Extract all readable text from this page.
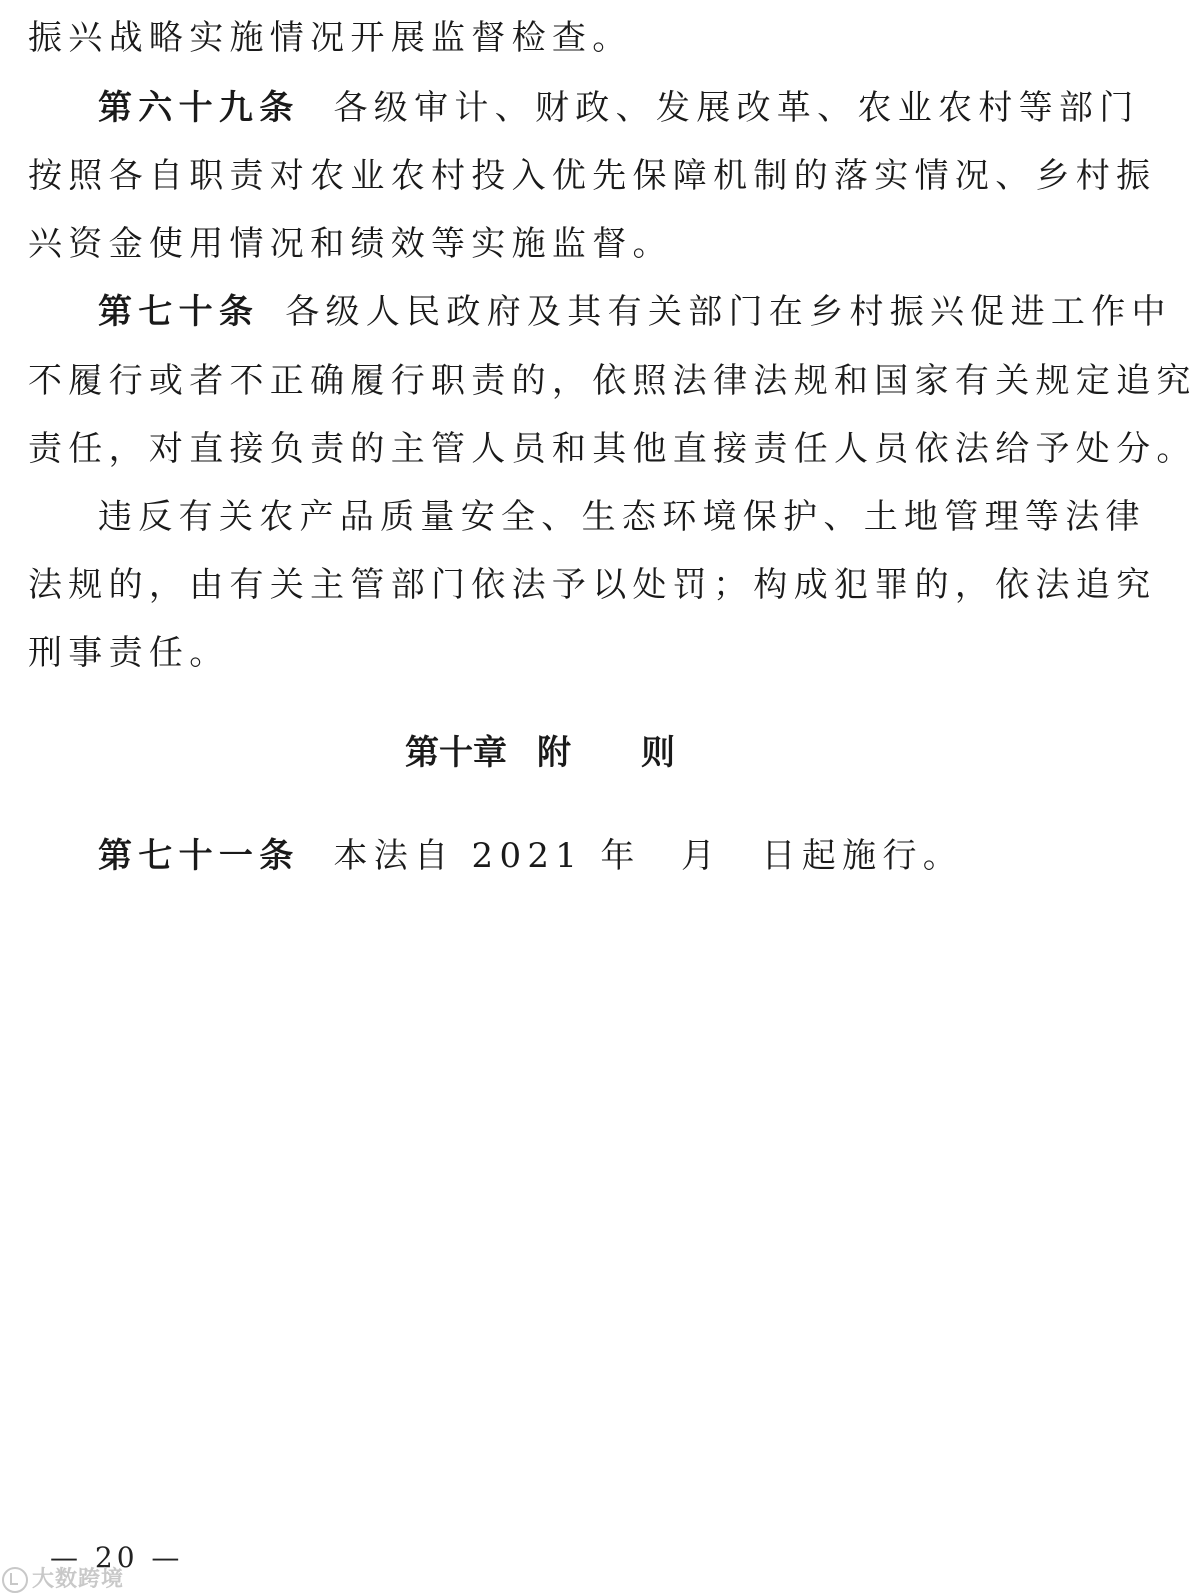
振兴战略实施情况开展监督检查。
第六十九条 各级审计、财政、发展改革、农业农村等部门
按照各自职责对农业农村投入优先保障机制的落实情况、乡村振
兴资金使用情况和绩效等实施监督。
第七十条 各级人民政府及其有关部门在乡村振兴促进工作中
不履行或者不正确履行职责的，依照法律法规和国家有关规定追究
责任，对直接负责的主管人员和其他直接责任人员依法给予处分。
违反有关农产品质量安全、生态环境保护、土地管理等法律
法规的，由有关主管部门依法予以处罚；构成犯罪的，依法追究
刑事责任。
第十章 附 则
第七十一条 本法自 2021 年　月　日起施行。
— 20 —
大数跨境
